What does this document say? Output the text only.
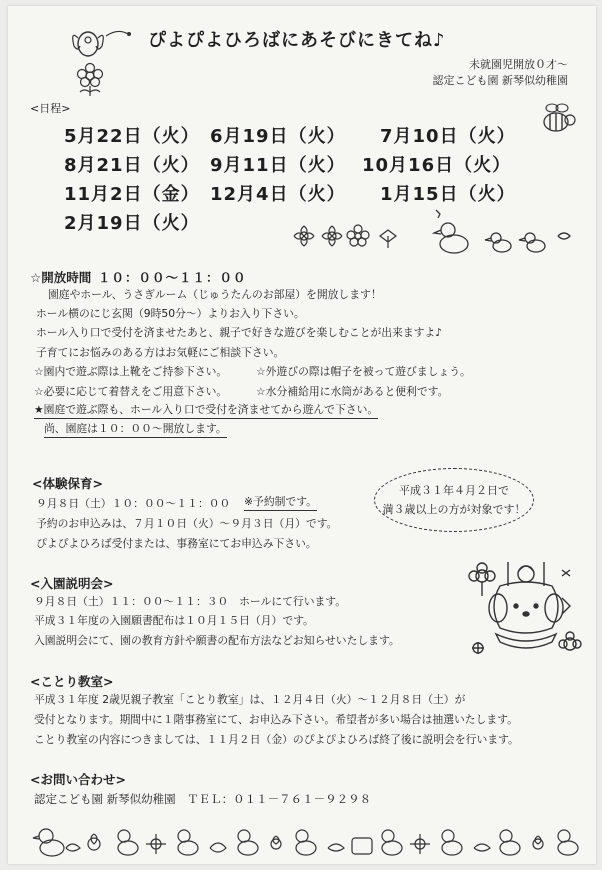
ぴよぴよひろばにあそびにきてね♪
未就園児開放０才～
認定こども園 新琴似幼稚園
<日程>
5月22日（火） 6月19日（火） 7月10日（火）
8月21日（火） 9月11日（火） 10月16日（火）
11月2日（金） 12月4日（火） 1月15日（火）
2月19日（火）
☆開放時間 １０：００～１１：００
園庭やホール、うさぎルーム（じゅうたんのお部屋）を開放します！
ホール横のにじ玄関（9時50分～）よりお入り下さい。
ホール入り口で受付を済ませたあと、親子で好きな遊びを楽しむことが出来ますよ♪
子育てにお悩みのある方はお気軽にご相談下さい。
☆園内で遊ぶ際は上靴をご持参下さい。	☆外遊びの際は帽子を被って遊びましょう。
☆必要に応じて着替えをご用意下さい。	☆水分補給用に水筒があると便利です。
★園庭で遊ぶ際も、ホール入り口で受付を済ませてから遊んで下さい。
尚、園庭は１０：００～開放します。
<体験保育>
９月８日（土）１０：００～１１：００ ※予約制です。
予約のお申込みは、７月１０日（火）～９月３日（月）です。
ぴよぴよひろば受付または、事務室にてお申込み下さい。
平成３１年４月２日で
満３歳以上の方が対象です！
<入園説明会>
９月８日（土）１１：００～１１：３０　ホールにて行います。
平成３１年度の入園願書配布は１０月１５日（月）です。
入園説明会にて、園の教育方針や願書の配布方法などお知らせいたします。
<ことり教室>
平成３１年度 2歳児親子教室「ことり教室」は、１２月４日（火）～１２月８日（土）が
受付となります。期間中に１階事務室にて、お申込み下さい。希望者が多い場合は抽選いたします。
ことり教室の内容につきましては、１１月２日（金）のぴよぴよひろば終了後に説明会を行います。
<お問い合わせ>
認定こども園 新琴似幼稚園　ＴＥＬ：０１１－７６１－９２９８
